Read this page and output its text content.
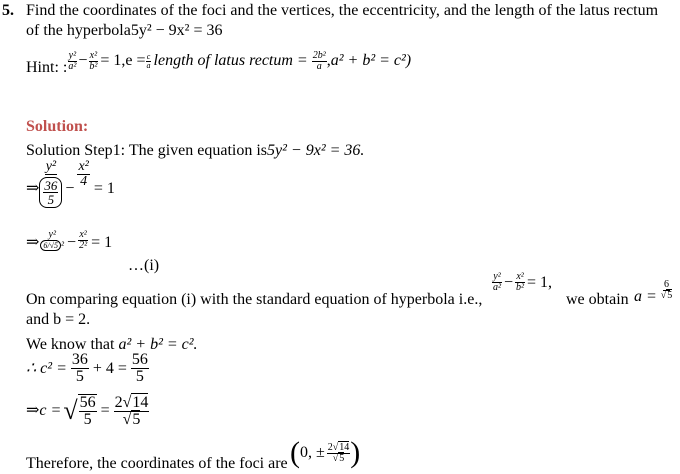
5. Find the coordinates of the foci and the vertices, the eccentricity, and the length of the latus rectum
of the hyperbola5y² − 9x² = 36
Hint: : $\frac{\text{y²}}{\text{a²}} - \frac{\text{x²}}{\text{b²}} = 1,e = \frac{c}{a}$ length of latus rectum = $\frac{\text{2b²}}{a}$ , a² + b² = c²)
Solution:
Solution Step1: The given equation is5y² − 9x² = 36.
⇒ $\frac{\text{y²}}{\frac{36}{5}} - \frac{\text{x²}}{4} = 1$
⇒ $\frac{\text{y²}}{\text{6/√5 ²}} - \frac{\text{x²}}{\text{2²}} = 1$
…(i)
On comparing equation (i) with the standard equation of hyperbola i.e.,
$\frac{\text{y²}}{\text{a²}} - \frac{\text{x²}}{\text{b²}} = 1$,
we obtain $a = \frac{6}{√5}$
and b = 2.
We know that a² + b² = c².
∴ $c^2 = \frac{36}{5} + 4 = \frac{56}{5}$
⇒c = √ $\frac{56}{5} = \frac{2√14}{√5}$
Therefore, the coordinates of the foci are ( 0, ± $\frac{2√14}{√5}$ )
